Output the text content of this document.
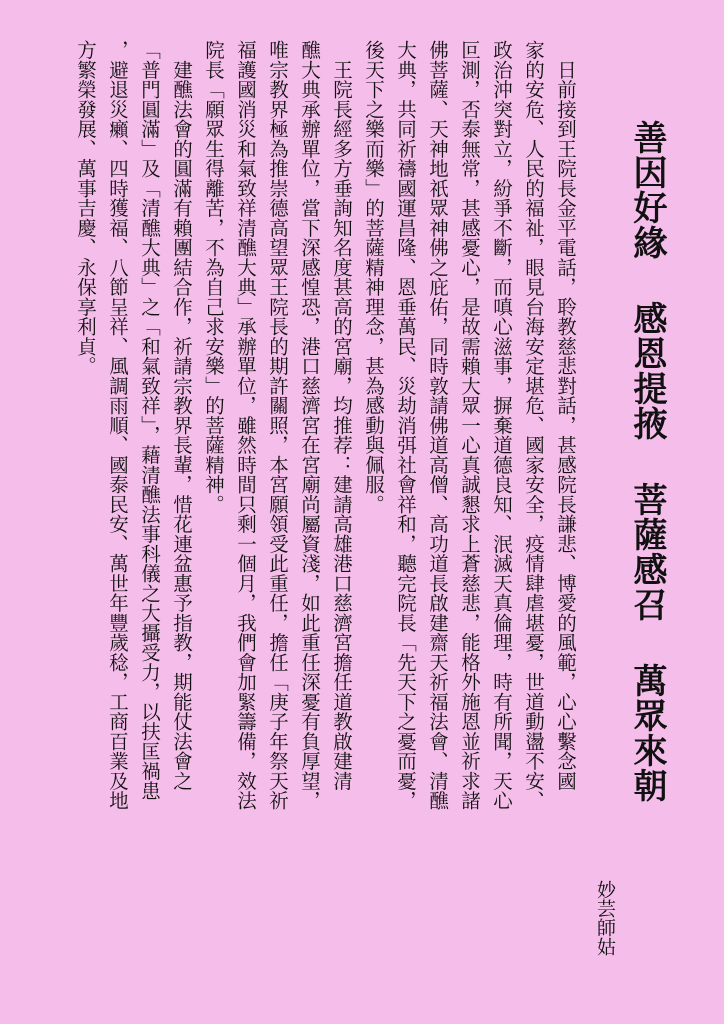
善因好緣 感恩提掖 菩薩感召 萬眾來朝
妙芸師姑
　日前接到王院長金平電話，聆教慈悲對話，甚感院長謙悲、博愛的風範，心心繫念國
家的安危、人民的福祉，眼見台海安定堪危、國家安全，疫情肆虐堪憂，世道動盪不安、
政治沖突對立，紛爭不斷，而嗔心滋事，摒棄道德良知、泯滅天真倫理，時有所聞，天心
叵測，否泰無常，甚感憂心，是故需賴大眾一心真誠懇求上蒼慈悲，能格外施恩並祈求諸
佛菩薩、天神地祇眾神佛之庇佑，同時敦請佛道高僧、高功道長啟建齋天祈福法會、清醮
大典，共同祈禱國運昌隆、恩垂萬民、災劫消弭社會祥和，聽完院長「先天下之憂而憂，
後天下之樂而樂」的菩薩精神理念，甚為感動與佩服。
　王院長經多方垂詢知名度甚高的宮廟，均推荐：建請高雄港口慈濟宮擔任道教啟建清
醮大典承辦單位，當下深感惶恐，港口慈濟宮在宮廟尚屬資淺，如此重任深憂有負厚望，
唯宗教界極為推崇德高望眾王院長的期許關照，本宮願領受此重任，擔任「庚子年祭天祈
福護國消災和氣致祥清醮大典」承辦單位，雖然時間只剩一個月，我們會加緊籌備，效法
院長「願眾生得離苦，不為自己求安樂」的菩薩精神。
　建醮法會的圓滿有賴團結合作，祈請宗教界長輩，惜花連盆惠予指教，期能仗法會之
「普門圓滿」及「清醮大典」之「和氣致祥」，藉清醮法事科儀之大攝受力，以扶匡禍患
，避退災癩、四時獲福、八節呈祥、風調雨順、國泰民安、萬世年豐歲稔，工商百業及地
方繁榮發展、萬事吉慶、永保享利貞。
